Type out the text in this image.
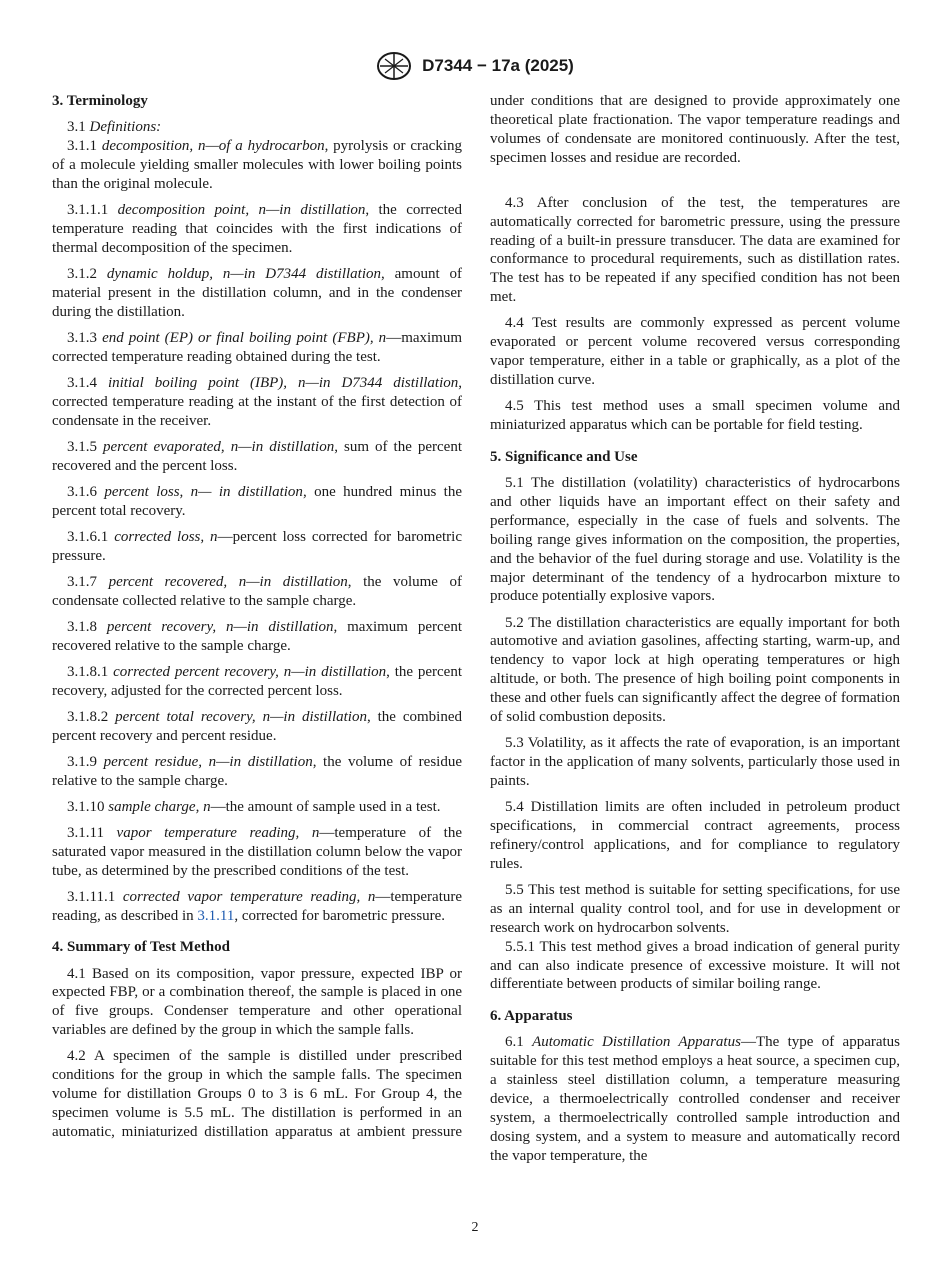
D7344 − 17a (2025)
3. Terminology

3.1 Definitions:

3.1.1 decomposition, n—of a hydrocarbon, pyrolysis or cracking of a molecule yielding smaller molecules with lower boiling points than the original molecule.

3.1.1.1 decomposition point, n—in distillation, the corrected temperature reading that coincides with the first indications of thermal decomposition of the specimen.

3.1.2 dynamic holdup, n—in D7344 distillation, amount of material present in the distillation column, and in the condenser during the distillation.

3.1.3 end point (EP) or final boiling point (FBP), n—maximum corrected temperature reading obtained during the test.

3.1.4 initial boiling point (IBP), n—in D7344 distillation, corrected temperature reading at the instant of the first detection of condensate in the receiver.

3.1.5 percent evaporated, n—in distillation, sum of the percent recovered and the percent loss.

3.1.6 percent loss, n— in distillation, one hundred minus the percent total recovery.

3.1.6.1 corrected loss, n—percent loss corrected for barometric pressure.

3.1.7 percent recovered, n—in distillation, the volume of condensate collected relative to the sample charge.

3.1.8 percent recovery, n—in distillation, maximum percent recovered relative to the sample charge.

3.1.8.1 corrected percent recovery, n—in distillation, the percent recovery, adjusted for the corrected percent loss.

3.1.8.2 percent total recovery, n—in distillation, the combined percent recovery and percent residue.

3.1.9 percent residue, n—in distillation, the volume of residue relative to the sample charge.

3.1.10 sample charge, n—the amount of sample used in a test.

3.1.11 vapor temperature reading, n—temperature of the saturated vapor measured in the distillation column below the vapor tube, as determined by the prescribed conditions of the test.

3.1.11.1 corrected vapor temperature reading, n—temperature reading, as described in 3.1.11, corrected for barometric pressure.

4. Summary of Test Method

4.1 Based on its composition, vapor pressure, expected IBP or expected FBP, or a combination thereof, the sample is placed in one of five groups. Condenser temperature and other operational variables are defined by the group in which the sample falls.

4.2 A specimen of the sample is distilled under prescribed conditions for the group in which the sample falls. The specimen volume for distillation Groups 0 to 3 is 6 mL. For Group 4, the specimen volume is 5.5 mL. The distillation is performed in an automatic, miniaturized distillation apparatus at ambient pressure

under conditions that are designed to provide approximately one theoretical plate fractionation. The vapor temperature readings and volumes of condensate are monitored continuously. After the test, specimen losses and residue are recorded.

4.3 After conclusion of the test, the temperatures are automatically corrected for barometric pressure, using the pressure reading of a built-in pressure transducer. The data are examined for conformance to procedural requirements, such as distillation rates. The test has to be repeated if any specified condition has not been met.

4.4 Test results are commonly expressed as percent volume evaporated or percent volume recovered versus corresponding vapor temperature, either in a table or graphically, as a plot of the distillation curve.

4.5 This test method uses a small specimen volume and miniaturized apparatus which can be portable for field testing.

5. Significance and Use

5.1 The distillation (volatility) characteristics of hydrocarbons and other liquids have an important effect on their safety and performance, especially in the case of fuels and solvents. The boiling range gives information on the composition, the properties, and the behavior of the fuel during storage and use. Volatility is the major determinant of the tendency of a hydrocarbon mixture to produce potentially explosive vapors.

5.2 The distillation characteristics are equally important for both automotive and aviation gasolines, affecting starting, warm-up, and tendency to vapor lock at high operating temperatures or high altitude, or both. The presence of high boiling point components in these and other fuels can significantly affect the degree of formation of solid combustion deposits.

5.3 Volatility, as it affects the rate of evaporation, is an important factor in the application of many solvents, particularly those used in paints.

5.4 Distillation limits are often included in petroleum product specifications, in commercial contract agreements, process refinery/control applications, and for compliance to regulatory rules.

5.5 This test method is suitable for setting specifications, for use as an internal quality control tool, and for use in development or research work on hydrocarbon solvents.

5.5.1 This test method gives a broad indication of general purity and can also indicate presence of excessive moisture. It will not differentiate between products of similar boiling range.

6. Apparatus

6.1 Automatic Distillation Apparatus—The type of apparatus suitable for this test method employs a heat source, a specimen cup, a stainless steel distillation column, a temperature measuring device, a thermoelectrically controlled condenser and receiver system, a thermoelectrically controlled sample introduction and dosing system, and a system to measure and automatically record the vapor temperature, the

2
